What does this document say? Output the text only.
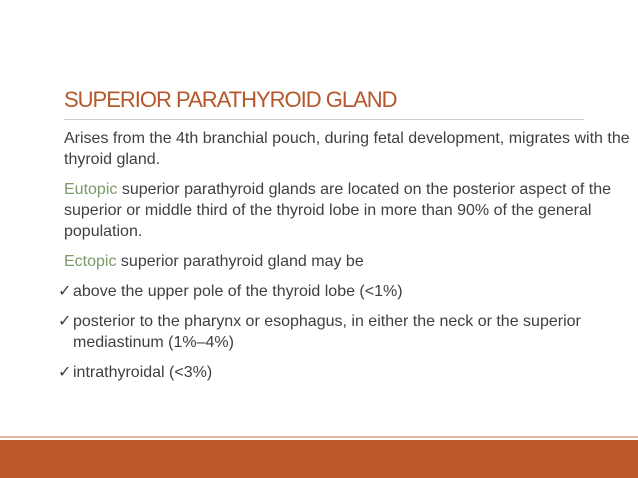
SUPERIOR PARATHYROID GLAND

Arises from the 4th branchial pouch, during fetal development, migrates with the thyroid gland.

Eutopic superior parathyroid glands are located on the posterior aspect of the superior or middle third of the thyroid lobe in more than 90% of the general population.

Ectopic superior parathyroid gland may be

✓ above the upper pole of the thyroid lobe (<1%)
✓ posterior to the pharynx or esophagus, in either the neck or the superior mediastinum (1%–4%)
✓ intrathyroidal (<3%)
